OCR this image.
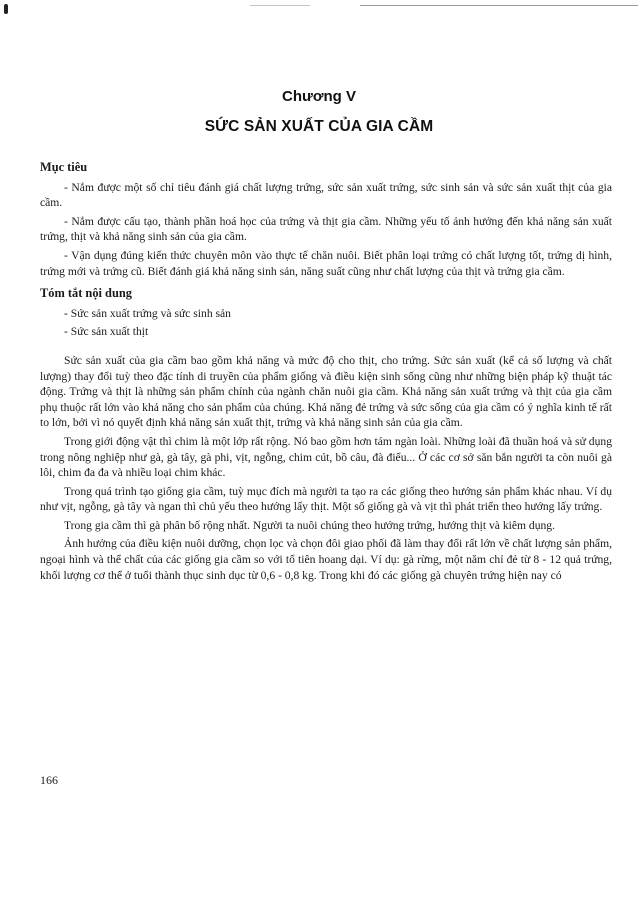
Chương V
SỨC SẢN XUẤT CỦA GIA CẦM
Mục tiêu

- Nắm được một số chỉ tiêu đánh giá chất lượng trứng, sức sản xuất trứng, sức sinh sản và sức sản xuất thịt của gia cầm.

- Nắm được cấu tạo, thành phần hoá học của trứng và thịt gia cầm. Những yếu tố ảnh hưởng đến khả năng sản xuất trứng, thịt và khả năng sinh sản của gia cầm.

- Vận dụng đúng kiến thức chuyên môn vào thực tế chăn nuôi. Biết phân loại trứng có chất lượng tốt, trứng dị hình, trứng mới và trứng cũ. Biết đánh giá khả năng sinh sản, năng suất cũng như chất lượng của thịt và trứng gia cầm.

Tóm tắt nội dung
- Sức sản xuất trứng và sức sinh sản
- Sức sản xuất thịt

Sức sản xuất của gia cầm bao gồm khả năng và mức độ cho thịt, cho trứng. Sức sản xuất (kể cả số lượng và chất lượng) thay đổi tuỳ theo đặc tính di truyền của phẩm giống và điều kiện sinh sống cũng như những biện pháp kỹ thuật tác động. Trứng và thịt là những sản phẩm chính của ngành chăn nuôi gia cầm. Khả năng sản xuất trứng và thịt của gia cầm phụ thuộc rất lớn vào khả năng cho sản phẩm của chúng. Khả năng đẻ trứng và sức sống của gia cầm có ý nghĩa kinh tế rất to lớn, bởi vì nó quyết định khả năng sản xuất thịt, trứng và khả năng sinh sản của gia cầm.

Trong giới động vật thì chim là một lớp rất rộng. Nó bao gồm hơn tám ngàn loài. Những loài đã thuần hoá và sử dụng trong nông nghiệp như gà, gà tây, gà phi, vịt, ngỗng, chim cút, bồ câu, đà điểu... Ở các cơ sở săn bắn người ta còn nuôi gà lôi, chim đa đa và nhiều loại chim khác.

Trong quá trình tạo giống gia cầm, tuỳ mục đích mà người ta tạo ra các giống theo hướng sản phẩm khác nhau. Ví dụ như vịt, ngỗng, gà tây và ngan thì chủ yếu theo hướng lấy thịt. Một số giống gà và vịt thì phát triển theo hướng lấy trứng.

Trong gia cầm thì gà phân bố rộng nhất. Người ta nuôi chúng theo hướng trứng, hướng thịt và kiêm dụng.

Ảnh hưởng của điều kiện nuôi dưỡng, chọn lọc và chọn đôi giao phối đã làm thay đổi rất lớn về chất lượng sản phẩm, ngoại hình và thể chất của các giống gia cầm so với tổ tiên hoang dại. Ví dụ: gà rừng, một năm chỉ đẻ từ 8 - 12 quả trứng, khối lượng cơ thể ở tuổi thành thục sinh dục từ 0,6 - 0,8 kg. Trong khi đó các giống gà chuyên trứng hiện nay có

166
